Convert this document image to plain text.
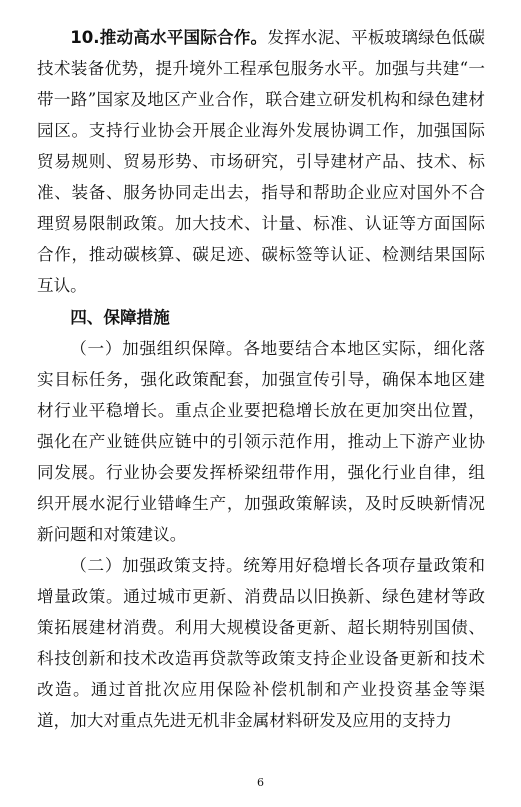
10.推动高水平国际合作。发挥水泥、平板玻璃绿色低碳技术装备优势，提升境外工程承包服务水平。加强与共建“一带一路”国家及地区产业合作，联合建立研发机构和绿色建材园区。支持行业协会开展企业海外发展协调工作，加强国际贸易规则、贸易形势、市场研究，引导建材产品、技术、标准、装备、服务协同走出去，指导和帮助企业应对国外不合理贸易限制政策。加大技术、计量、标准、认证等方面国际合作，推动碳核算、碳足迹、碳标签等认证、检测结果国际互认。

四、保障措施

（一）加强组织保障。各地要结合本地区实际，细化落实目标任务，强化政策配套，加强宣传引导，确保本地区建材行业平稳增长。重点企业要把稳增长放在更加突出位置，强化在产业链供应链中的引领示范作用，推动上下游产业协同发展。行业协会要发挥桥梁纽带作用，强化行业自律，组织开展水泥行业错峰生产，加强政策解读，及时反映新情况新问题和对策建议。

（二）加强政策支持。统筹用好稳增长各项存量政策和增量政策。通过城市更新、消费品以旧换新、绿色建材等政策拓展建材消费。利用大规模设备更新、超长期特别国债、科技创新和技术改造再贷款等政策支持企业设备更新和技术改造。通过首批次应用保险补偿机制和产业投资基金等渠道，加大对重点先进无机非金属材料研发及应用的支持力

6
